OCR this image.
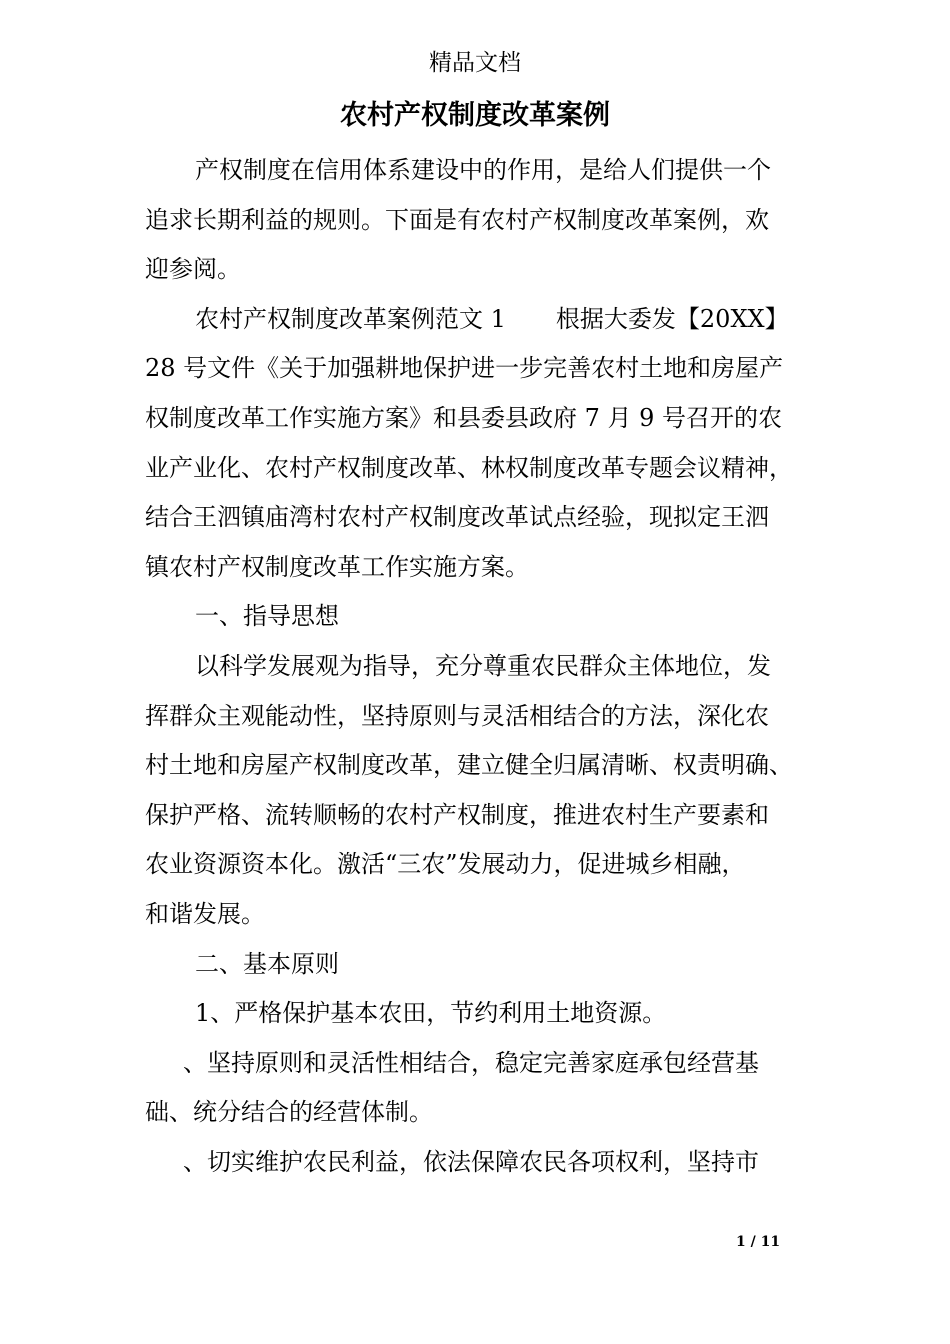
精品文档
农村产权制度改革案例
产权制度在信用体系建设中的作用，是给人们提供一个
追求长期利益的规则。下面是有农村产权制度改革案例，欢
迎参阅。
农村产权制度改革案例范文 1 根据大委发【20XX】
28 号文件《关于加强耕地保护进一步完善农村土地和房屋产
权制度改革工作实施方案》和县委县政府 7 月 9 号召开的农
业产业化、农村产权制度改革、林权制度改革专题会议精神，
结合王泗镇庙湾村农村产权制度改革试点经验，现拟定王泗
镇农村产权制度改革工作实施方案。
一、指导思想
以科学发展观为指导，充分尊重农民群众主体地位，发
挥群众主观能动性，坚持原则与灵活相结合的方法，深化农
村土地和房屋产权制度改革，建立健全归属清晰、权责明确、
保护严格、流转顺畅的农村产权制度，推进农村生产要素和
农业资源资本化。激活“三农”发展动力，促进城乡相融，
和谐发展。
二、基本原则
1、严格保护基本农田，节约利用土地资源。
、坚持原则和灵活性相结合，稳定完善家庭承包经营基
础、统分结合的经营体制。
、切实维护农民利益，依法保障农民各项权利，坚持市
1 / 11
